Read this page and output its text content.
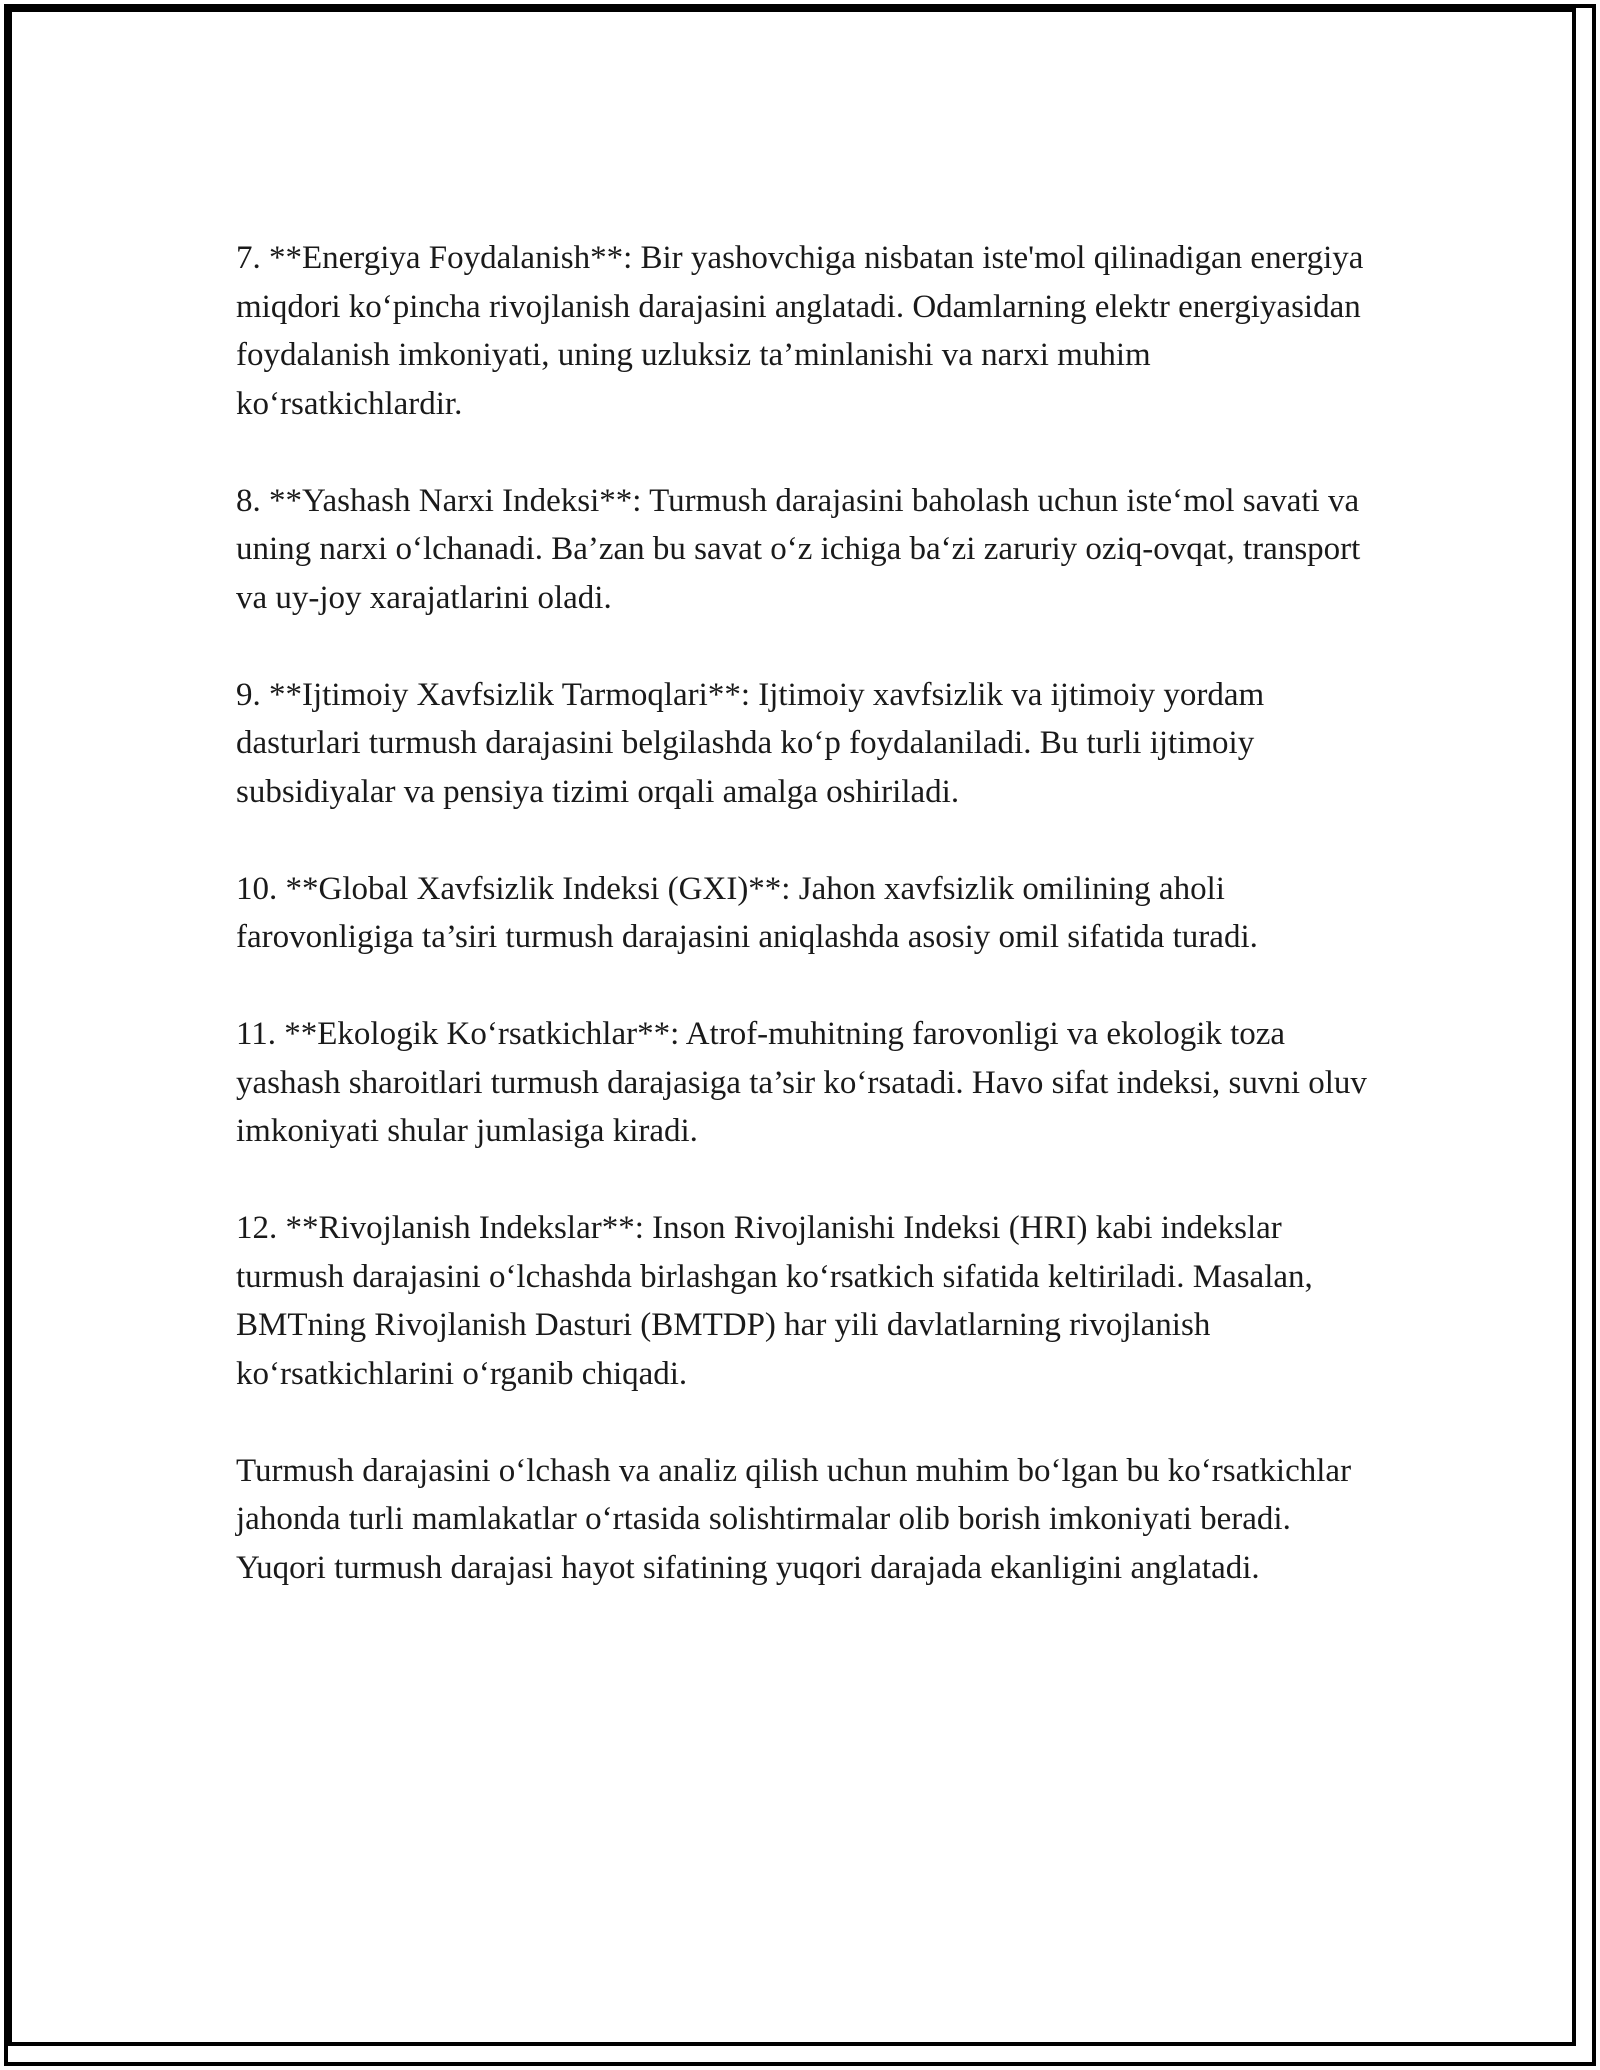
7. **Energiya Foydalanish**: Bir yashovchiga nisbatan iste'mol qilinadigan energiya miqdori ko‘pincha rivojlanish darajasini anglatadi. Odamlarning elektr energiyasidan foydalanish imkoniyati, uning uzluksiz ta’minlanishi va narxi muhim ko‘rsatkichlardir.

8. **Yashash Narxi Indeksi**: Turmush darajasini baholash uchun iste‘mol savati va uning narxi o‘lchanadi. Ba’zan bu savat o‘z ichiga ba‘zi zaruriy oziq-ovqat, transport va uy-joy xarajatlarini oladi.

9. **Ijtimoiy Xavfsizlik Tarmoqlari**: Ijtimoiy xavfsizlik va ijtimoiy yordam dasturlari turmush darajasini belgilashda ko‘p foydalaniladi. Bu turli ijtimoiy subsidiyalar va pensiya tizimi orqali amalga oshiriladi.

10. **Global Xavfsizlik Indeksi (GXI)**: Jahon xavfsizlik omilining aholi farovonligiga ta’siri turmush darajasini aniqlashda asosiy omil sifatida turadi.

11. **Ekologik Ko‘rsatkichlar**: Atrof-muhitning farovonligi va ekologik toza yashash sharoitlari turmush darajasiga ta’sir ko‘rsatadi. Havo sifat indeksi, suvni oluv imkoniyati shular jumlasiga kiradi.

12. **Rivojlanish Indekslar**: Inson Rivojlanishi Indeksi (HRI) kabi indekslar turmush darajasini o‘lchashda birlashgan ko‘rsatkich sifatida keltiriladi. Masalan, BMTning Rivojlanish Dasturi (BMTDP) har yili davlatlarning rivojlanish ko‘rsatkichlarini o‘rganib chiqadi.

Turmush darajasini o‘lchash va analiz qilish uchun muhim bo‘lgan bu ko‘rsatkichlar jahonda turli mamlakatlar o‘rtasida solishtirmalar olib borish imkoniyati beradi. Yuqori turmush darajasi hayot sifatining yuqori darajada ekanligini anglatadi.
